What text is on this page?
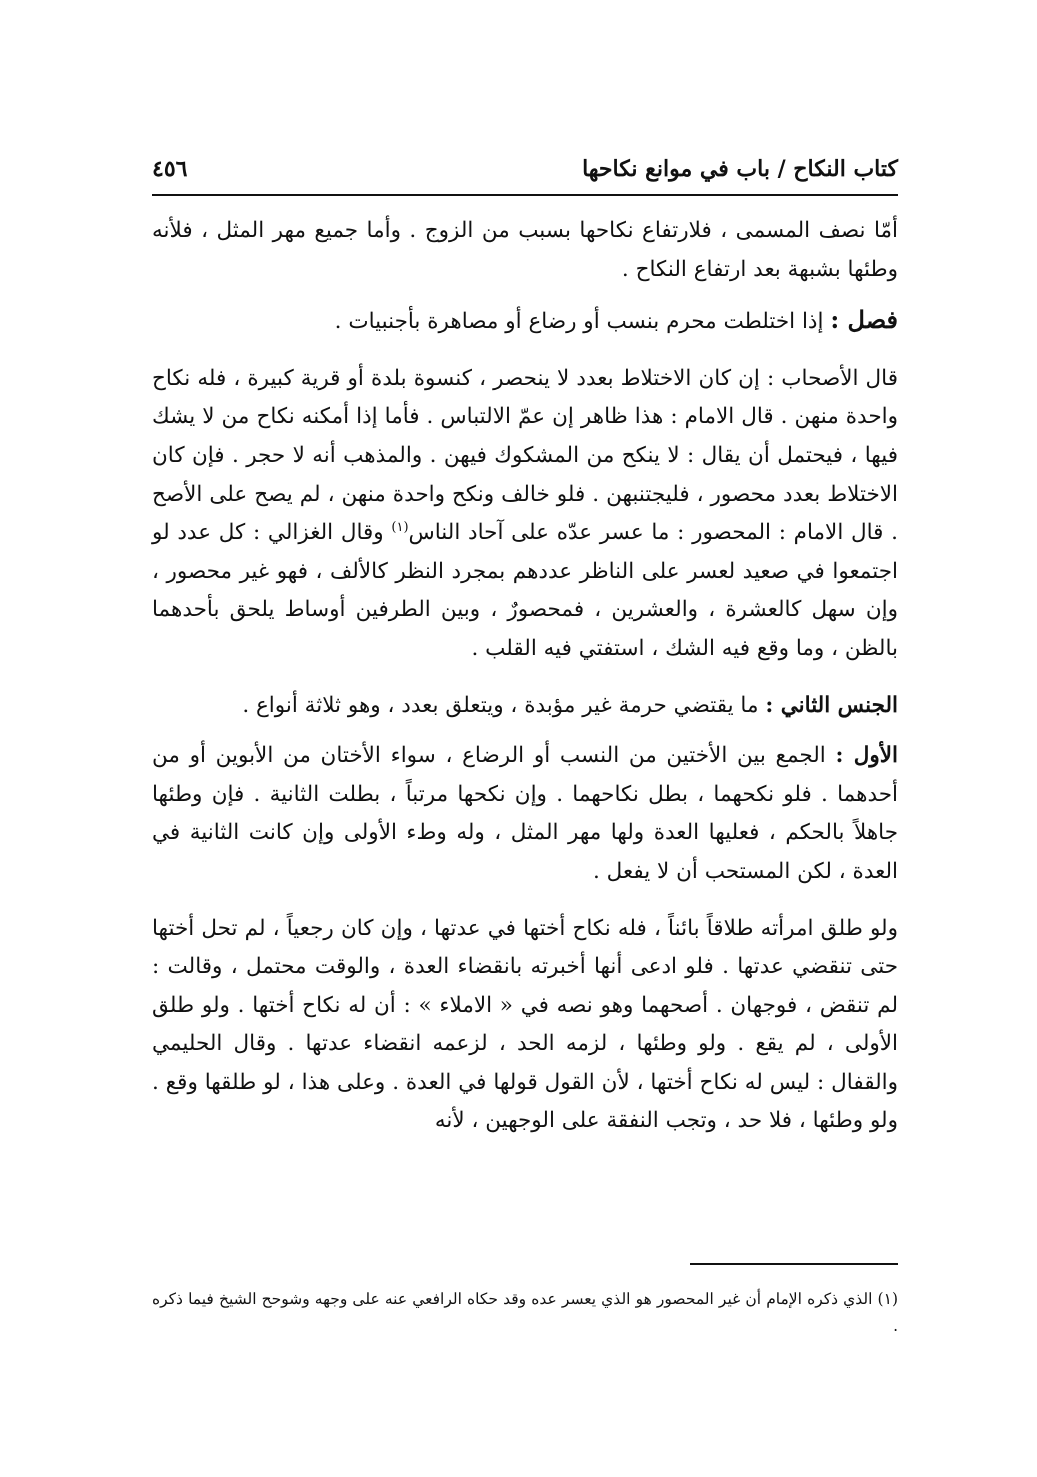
كتاب النكاح / باب في موانع نكاحها
٤٥٦

أمّا نصف المسمى ، فلارتفاع نكاحها بسبب من الزوج . وأما جميع مهر المثل ، فلأنه وطئها بشبهة بعد ارتفاع النكاح .

فصل : إذا اختلطت محرم بنسب أو رضاع أو مصاهرة بأجنبيات .

قال الأصحاب : إن كان الاختلاط بعدد لا ينحصر ، كنسوة بلدة أو قرية كبيرة ، فله نكاح واحدة منهن . قال الامام : هذا ظاهر إن عمّ الالتباس . فأما إذا أمكنه نكاح من لا يشك فيها ، فيحتمل أن يقال : لا ينكح من المشكوك فيهن . والمذهب أنه لا حجر . فإن كان الاختلاط بعدد محصور ، فليجتنبهن . فلو خالف ونكح واحدة منهن ، لم يصح على الأصح . قال الامام : المحصور : ما عسر عدّه على آحاد الناس$^{(١)}$ وقال الغزالي : كل عدد لو اجتمعوا في صعيد لعسر على الناظر عددهم بمجرد النظر كالألف ، فهو غير محصور ، وإن سهل كالعشرة ، والعشرين ، فمحصورٌ ، وبين الطرفين أوساط يلحق بأحدهما بالظن ، وما وقع فيه الشك ، استفتي فيه القلب .

الجنس الثاني : ما يقتضي حرمة غير مؤبدة ، ويتعلق بعدد ، وهو ثلاثة أنواع .

الأول : الجمع بين الأختين من النسب أو الرضاع ، سواء الأختان من الأبوين أو من أحدهما . فلو نكحهما ، بطل نكاحهما . وإن نكحها مرتباً ، بطلت الثانية . فإن وطئها جاهلاً بالحكم ، فعليها العدة ولها مهر المثل ، وله وطء الأولى وإن كانت الثانية في العدة ، لكن المستحب أن لا يفعل .

ولو طلق امرأته طلاقاً بائناً ، فله نكاح أختها في عدتها ، وإن كان رجعياً ، لم تحل أختها حتى تنقضي عدتها . فلو ادعى أنها أخبرته بانقضاء العدة ، والوقت محتمل ، وقالت : لم تنقض ، فوجهان . أصحهما وهو نصه في « الاملاء » : أن له نكاح أختها . ولو طلق الأولى ، لم يقع . ولو وطئها ، لزمه الحد ، لزعمه انقضاء عدتها . وقال الحليمي والقفال : ليس له نكاح أختها ، لأن القول قولها في العدة . وعلى هذا ، لو طلقها وقع . ولو وطئها ، فلا حد ، وتجب النفقة على الوجهين ، لأنه

(١) الذي ذكره الإمام أن غير المحصور هو الذي يعسر عده وقد حكاه الرافعي عنه على وجهه وشوحح الشيخ فيما ذكره .
